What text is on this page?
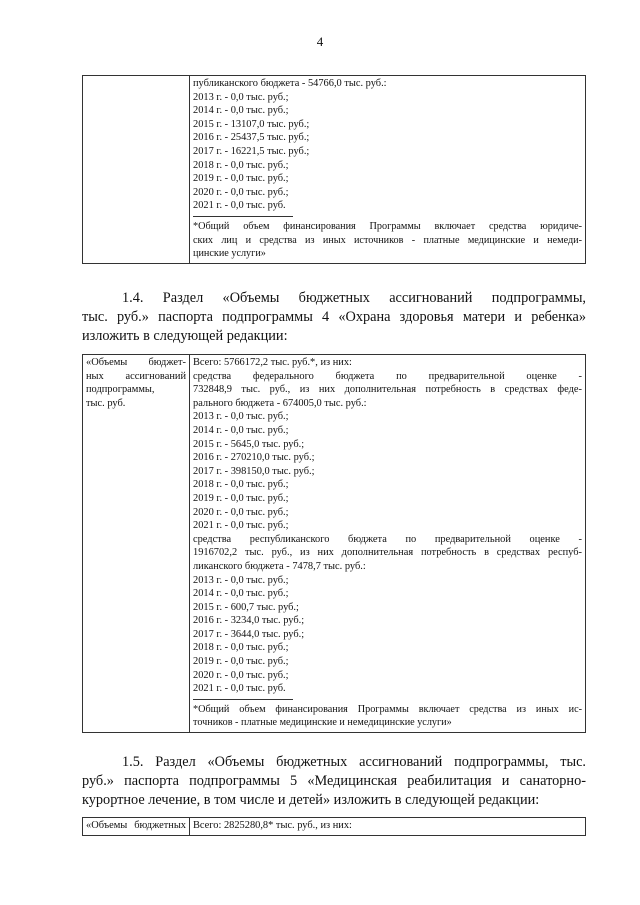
4

публиканского бюджета - 54766,0 тыс. руб.:
2013 г. - 0,0 тыс. руб.;
2014 г. - 0,0 тыс. руб.;
2015 г. - 13107,0 тыс. руб.;
2016 г. - 25437,5 тыс. руб.;
2017 г. - 16221,5 тыс. руб.;
2018 г. - 0,0 тыс. руб.;
2019 г. - 0,0 тыс. руб.;
2020 г. - 0,0 тыс. руб.;
2021 г. - 0,0 тыс. руб.
*Общий объем финансирования Программы включает средства юридиче-
ских лиц и средства из иных источников - платные медицинские и немеди-
цинские услуги»

1.4. Раздел «Объемы бюджетных ассигнований подпрограммы,
тыс. руб.» паспорта подпрограммы 4 «Охрана здоровья матери и ребенка»
изложить в следующей редакции:

«Объемы бюджет-
ных ассигнований
подпрограммы,
тыс. руб.

Всего: 5766172,2 тыс. руб.*, из них:
средства федерального бюджета по предварительной оценке -
732848,9 тыс. руб., из них дополнительная потребность в средствах феде-
рального бюджета - 674005,0 тыс. руб.:
2013 г. - 0,0 тыс. руб.;
2014 г. - 0,0 тыс. руб.;
2015 г. - 5645,0 тыс. руб.;
2016 г. - 270210,0 тыс. руб.;
2017 г. - 398150,0 тыс. руб.;
2018 г. - 0,0 тыс. руб.;
2019 г. - 0,0 тыс. руб.;
2020 г. - 0,0 тыс. руб.;
2021 г. - 0,0 тыс. руб.;
средства республиканского бюджета по предварительной оценке -
1916702,2 тыс. руб., из них дополнительная потребность в средствах респуб-
ликанского бюджета - 7478,7 тыс. руб.:
2013 г. - 0,0 тыс. руб.;
2014 г. - 0,0 тыс. руб.;
2015 г. - 600,7 тыс. руб.;
2016 г. - 3234,0 тыс. руб.;
2017 г. - 3644,0 тыс. руб.;
2018 г. - 0,0 тыс. руб.;
2019 г. - 0,0 тыс. руб.;
2020 г. - 0,0 тыс. руб.;
2021 г. - 0,0 тыс. руб.
*Общий объем финансирования Программы включает средства из иных ис-
точников - платные медицинские и немедицинские услуги»

1.5. Раздел «Объемы бюджетных ассигнований подпрограммы, тыс.
руб.» паспорта подпрограммы 5 «Медицинская реабилитация и санаторно-
курортное лечение, в том числе и детей» изложить в следующей редакции:

«Объемы бюджетных	Всего: 2825280,8* тыс. руб., из них:
